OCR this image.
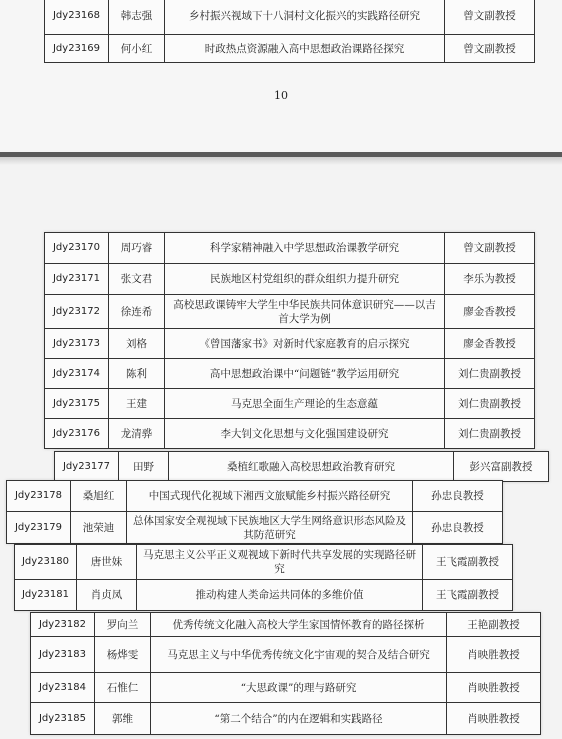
Jdy23168	韩志强	乡村振兴视域下十八洞村文化振兴的实践路径研究	曾文副教授
Jdy23169	何小红	时政热点资源融入高中思想政治课路径探究	曾文副教授
10
Jdy23170	周巧睿	科学家精神融入中学思想政治课教学研究	曾文副教授
Jdy23171	张文君	民族地区村党组织的群众组织力提升研究	李乐为教授
Jdy23172	徐连希	高校思政课铸牢大学生中华民族共同体意识研究——以吉首大学为例	廖金香教授
Jdy23173	刘格	《曾国藩家书》对新时代家庭教育的启示探究	廖金香教授
Jdy23174	陈利	高中思想政治课中“问题链”教学运用研究	刘仁贵副教授
Jdy23175	王建	马克思全面生产理论的生态意蕴	刘仁贵副教授
Jdy23176	龙清骅	李大钊文化思想与文化强国建设研究	刘仁贵副教授
Jdy23177	田野	桑植红歌融入高校思想政治教育研究	彭兴富副教授
Jdy23178	桑旭红	中国式现代化视域下湘西文旅赋能乡村振兴路径研究	孙忠良教授
Jdy23179	池荣迪	总体国家安全观视域下民族地区大学生网络意识形态风险及其防范研究	孙忠良教授
Jdy23180	唐世妹	马克思主义公平正义观视域下新时代共享发展的实现路径研究	王飞霞副教授
Jdy23181	肖贞凤	推动构建人类命运共同体的多维价值	王飞霞副教授
Jdy23182	罗向兰	优秀传统文化融入高校大学生家国情怀教育的路径探析	王艳副教授
Jdy23183	杨烨雯	马克思主义与中华优秀传统文化宇宙观的契合及结合研究	肖映胜教授
Jdy23184	石惟仁	“大思政课”的理与路研究	肖映胜教授
Jdy23185	郭维	“第二个结合”的内在逻辑和实践路径	肖映胜教授
